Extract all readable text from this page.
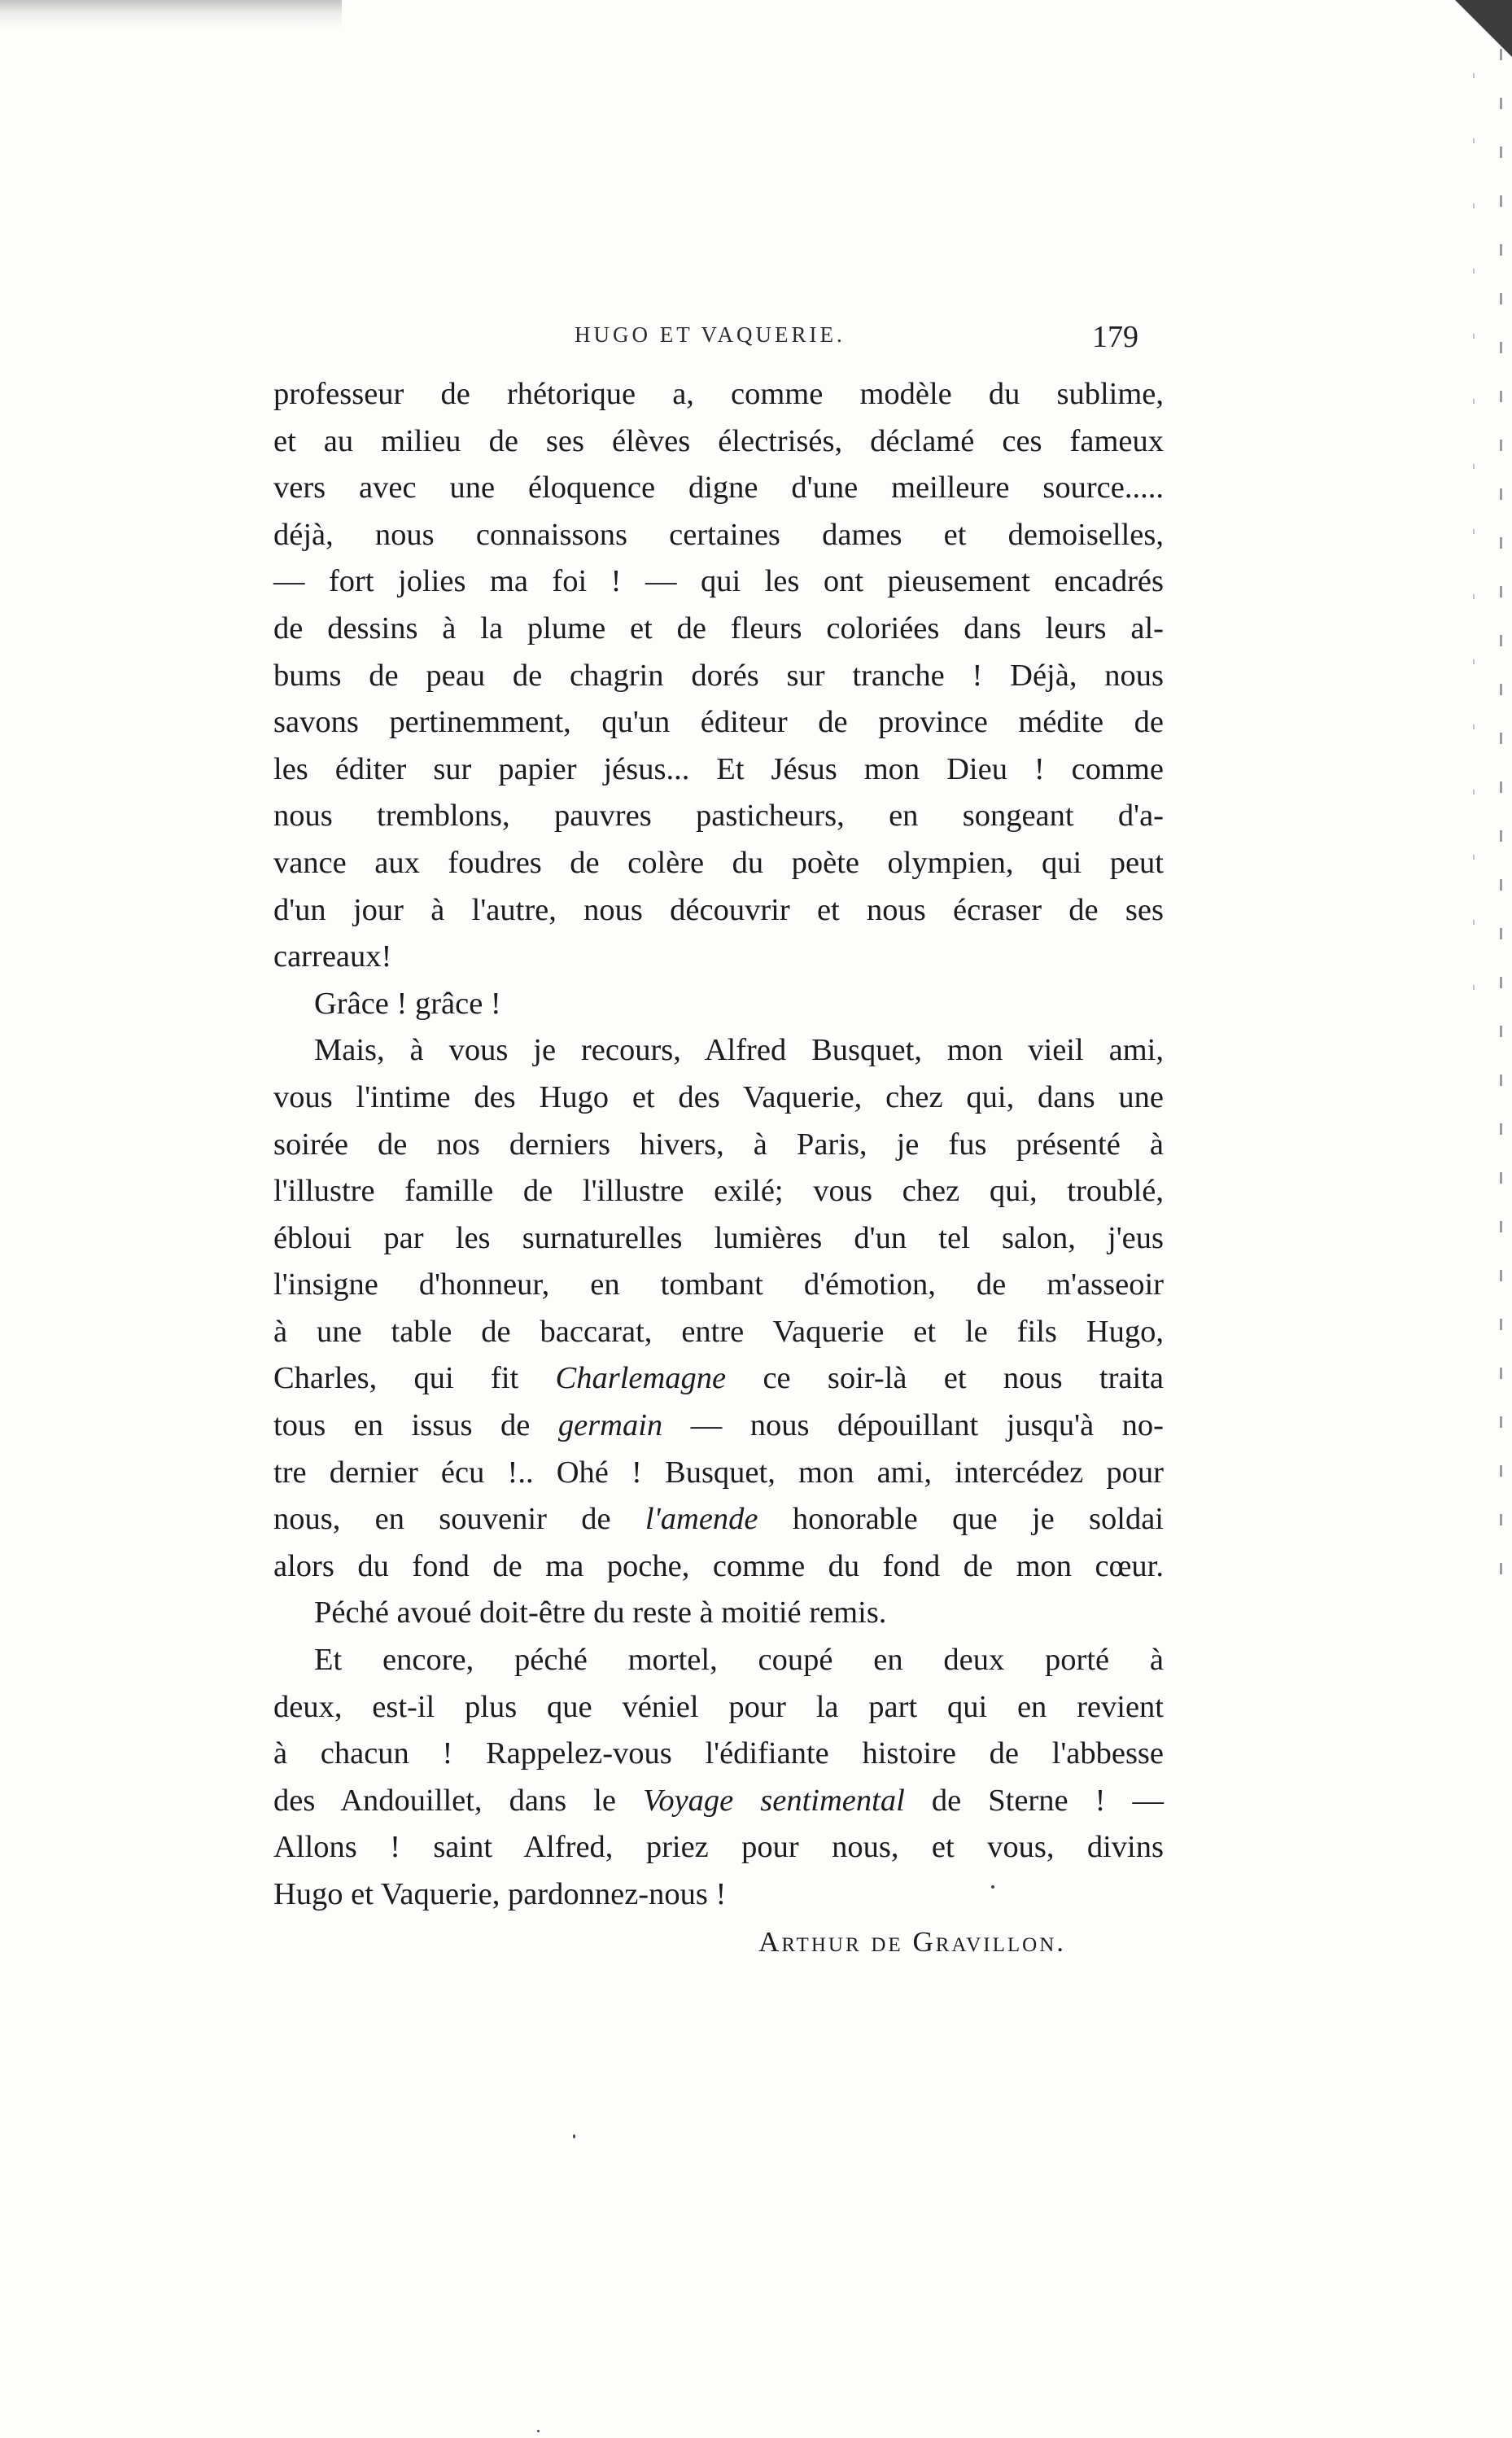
HUGO ET VAQUERIE.	179
professeur de rhétorique a, comme modèle du sublime,
et au milieu de ses élèves électrisés, déclamé ces fameux
vers avec une éloquence digne d'une meilleure source.....
déjà, nous connaissons certaines dames et demoiselles,
— fort jolies ma foi ! — qui les ont pieusement encadrés
de dessins à la plume et de fleurs coloriées dans leurs al-
bums de peau de chagrin dorés sur tranche ! Déjà, nous
savons pertinemment, qu'un éditeur de province médite de
les éditer sur papier jésus... Et Jésus mon Dieu ! comme
nous tremblons, pauvres pasticheurs, en songeant d'a-
vance aux foudres de colère du poète olympien, qui peut
d'un jour à l'autre, nous découvrir et nous écraser de ses
carreaux!
Grâce ! grâce !
Mais, à vous je recours, Alfred Busquet, mon vieil ami,
vous l'intime des Hugo et des Vaquerie, chez qui, dans une
soirée de nos derniers hivers, à Paris, je fus présenté à
l'illustre famille de l'illustre exilé; vous chez qui, troublé,
ébloui par les surnaturelles lumières d'un tel salon, j'eus
l'insigne d'honneur, en tombant d'émotion, de m'asseoir
à une table de baccarat, entre Vaquerie et le fils Hugo,
Charles, qui fit Charlemagne ce soir-là et nous traita
tous en issus de germain — nous dépouillant jusqu'à no-
tre dernier écu !.. Ohé ! Busquet, mon ami, intercédez pour
nous, en souvenir de l'amende honorable que je soldai
alors du fond de ma poche, comme du fond de mon cœur.
Péché avoué doit-être du reste à moitié remis.
Et encore, péché mortel, coupé en deux porté à
deux, est-il plus que véniel pour la part qui en revient
à chacun ! Rappelez-vous l'édifiante histoire de l'abbesse
des Andouillet, dans le Voyage sentimental de Sterne ! —
Allons ! saint Alfred, priez pour nous, et vous, divins
Hugo et Vaquerie, pardonnez-nous !
Arthur de Gravillon.
